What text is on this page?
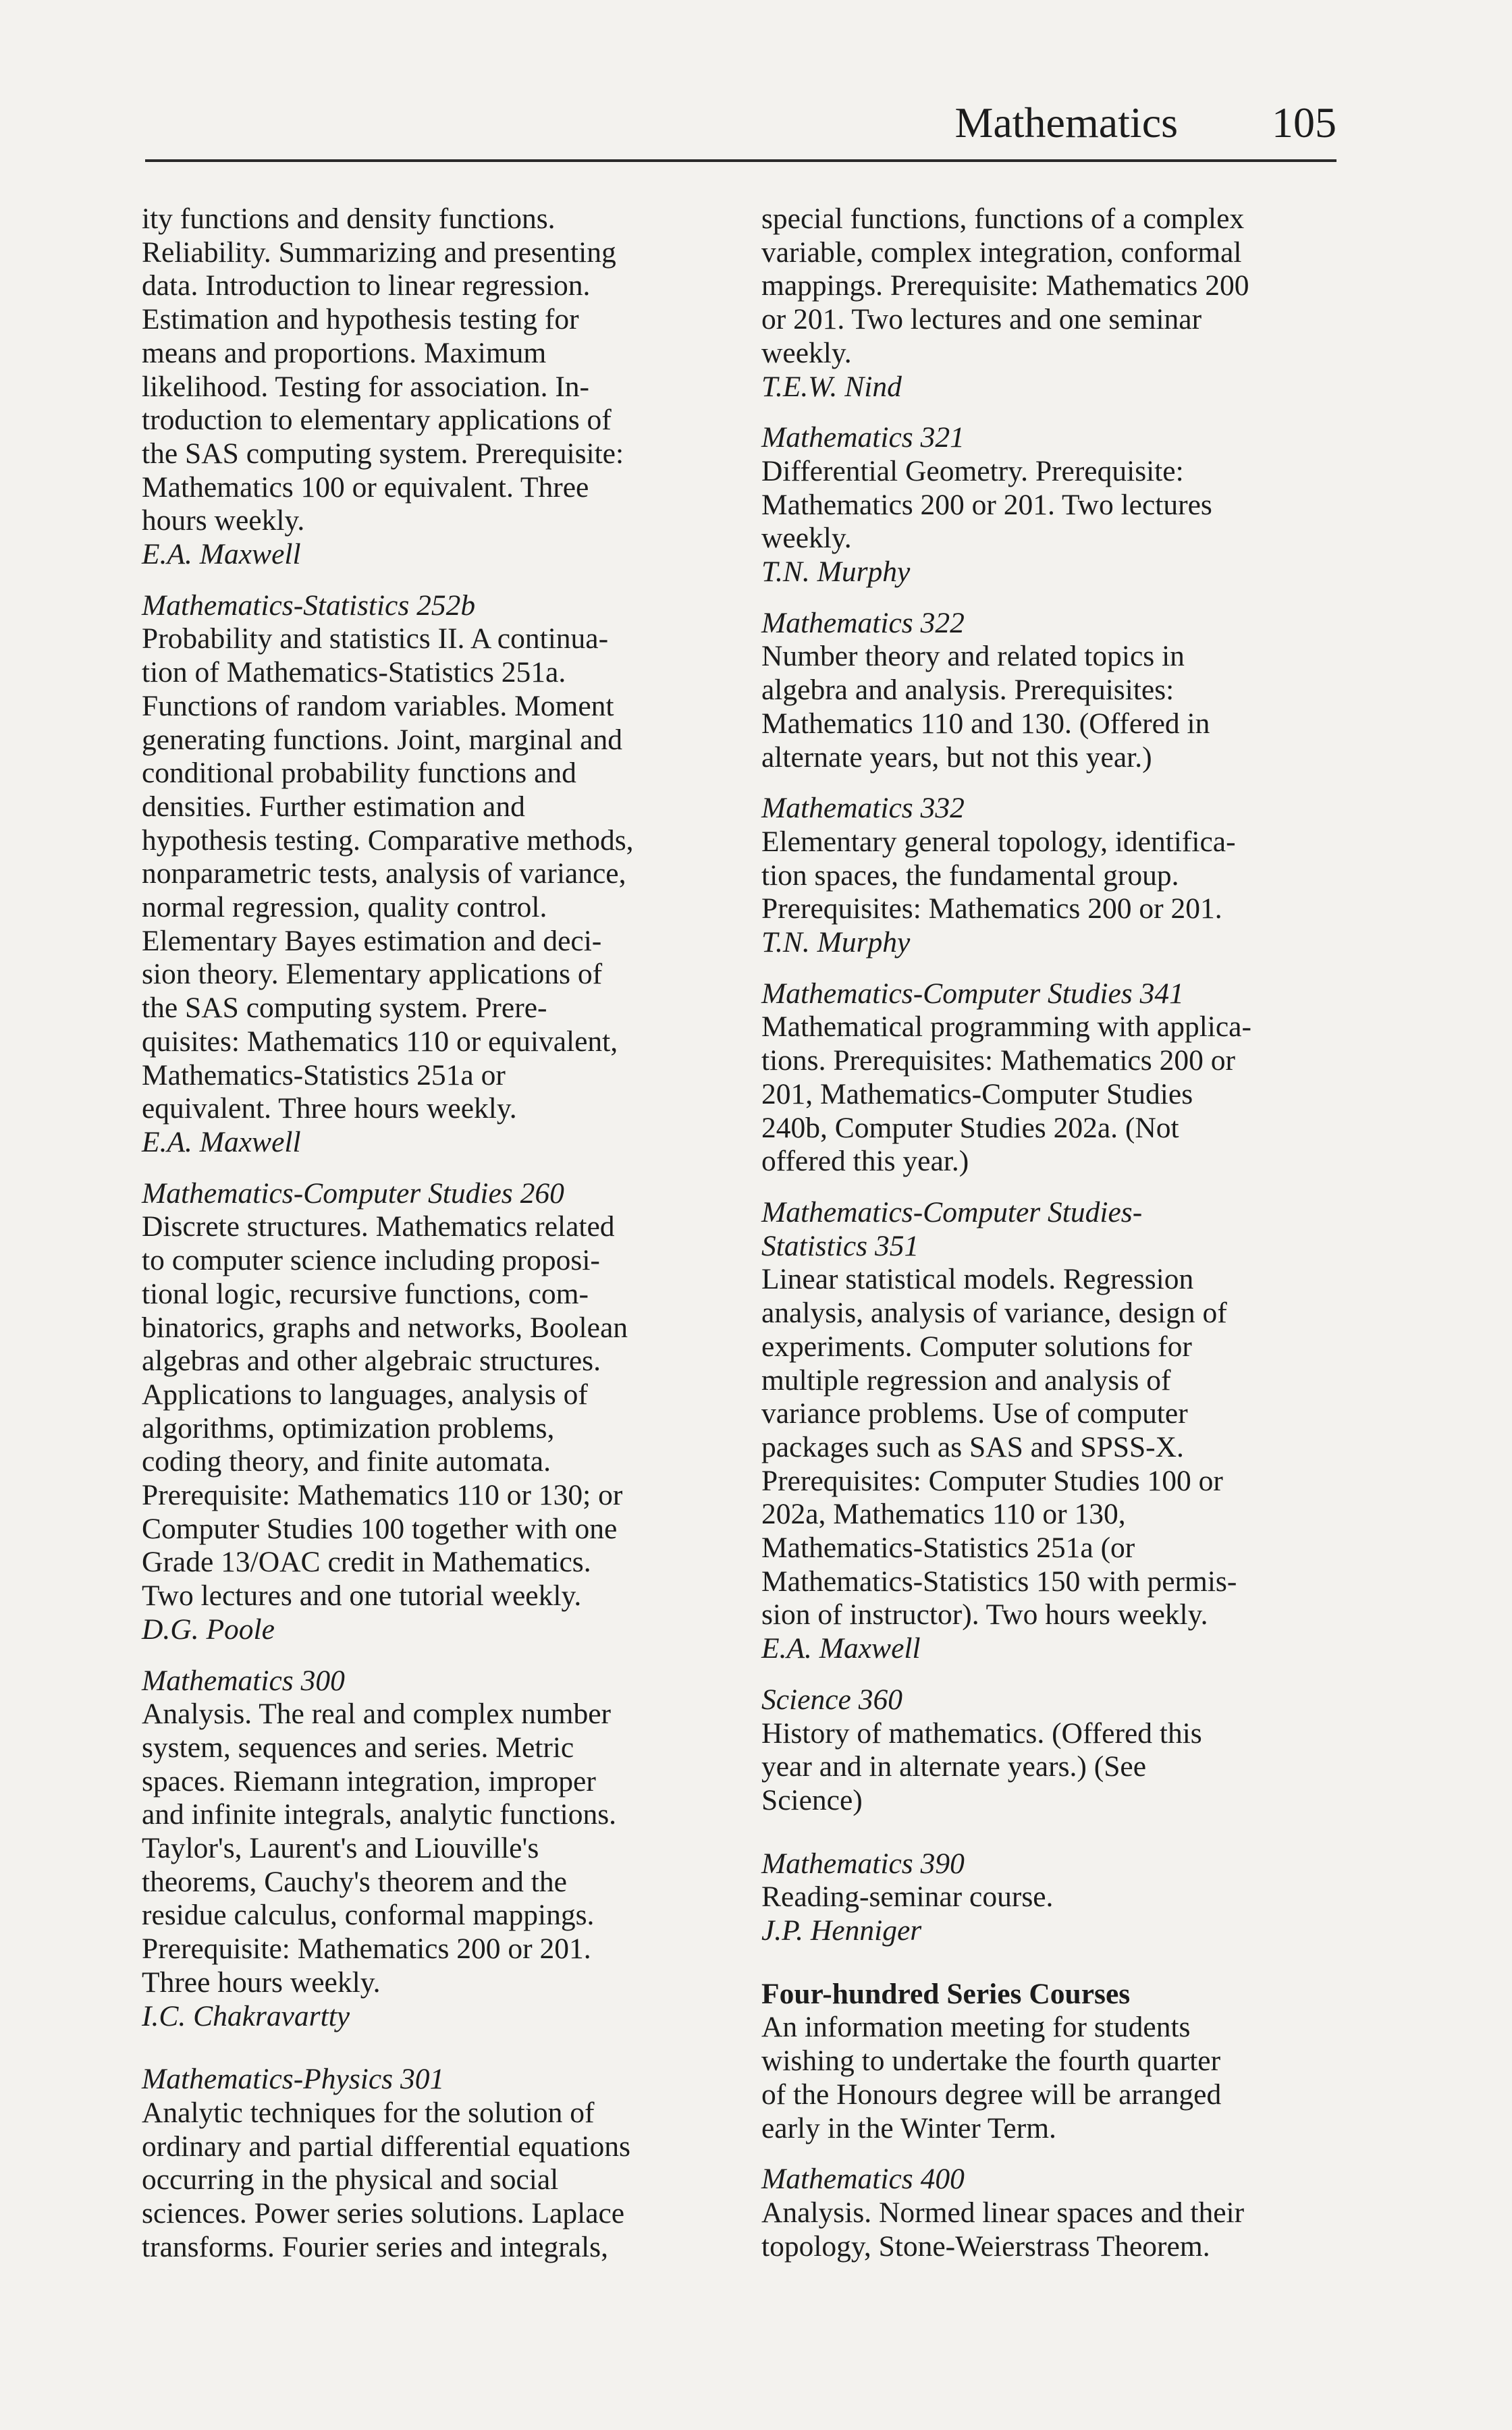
Mathematics 105
ity functions and density functions.
Reliability. Summarizing and presenting
data. Introduction to linear regression.
Estimation and hypothesis testing for
means and proportions. Maximum
likelihood. Testing for association. In-
troduction to elementary applications of
the SAS computing system. Prerequisite:
Mathematics 100 or equivalent. Three
hours weekly.
E.A. Maxwell
Mathematics-Statistics 252b
Probability and statistics II. A continua-
tion of Mathematics-Statistics 251a.
Functions of random variables. Moment
generating functions. Joint, marginal and
conditional probability functions and
densities. Further estimation and
hypothesis testing. Comparative methods,
nonparametric tests, analysis of variance,
normal regression, quality control.
Elementary Bayes estimation and deci-
sion theory. Elementary applications of
the SAS computing system. Prere-
quisites: Mathematics 110 or equivalent,
Mathematics-Statistics 251a or
equivalent. Three hours weekly.
E.A. Maxwell
Mathematics-Computer Studies 260
Discrete structures. Mathematics related
to computer science including proposi-
tional logic, recursive functions, com-
binatorics, graphs and networks, Boolean
algebras and other algebraic structures.
Applications to languages, analysis of
algorithms, optimization problems,
coding theory, and finite automata.
Prerequisite: Mathematics 110 or 130; or
Computer Studies 100 together with one
Grade 13/OAC credit in Mathematics.
Two lectures and one tutorial weekly.
D.G. Poole
Mathematics 300
Analysis. The real and complex number
system, sequences and series. Metric
spaces. Riemann integration, improper
and infinite integrals, analytic functions.
Taylor's, Laurent's and Liouville's
theorems, Cauchy's theorem and the
residue calculus, conformal mappings.
Prerequisite: Mathematics 200 or 201.
Three hours weekly.
I.C. Chakravartty
Mathematics-Physics 301
Analytic techniques for the solution of
ordinary and partial differential equations
occurring in the physical and social
sciences. Power series solutions. Laplace
transforms. Fourier series and integrals,
special functions, functions of a complex
variable, complex integration, conformal
mappings. Prerequisite: Mathematics 200
or 201. Two lectures and one seminar
weekly.
T.E.W. Nind
Mathematics 321
Differential Geometry. Prerequisite:
Mathematics 200 or 201. Two lectures
weekly.
T.N. Murphy
Mathematics 322
Number theory and related topics in
algebra and analysis. Prerequisites:
Mathematics 110 and 130. (Offered in
alternate years, but not this year.)
Mathematics 332
Elementary general topology, identifica-
tion spaces, the fundamental group.
Prerequisites: Mathematics 200 or 201.
T.N. Murphy
Mathematics-Computer Studies 341
Mathematical programming with applica-
tions. Prerequisites: Mathematics 200 or
201, Mathematics-Computer Studies
240b, Computer Studies 202a. (Not
offered this year.)
Mathematics-Computer Studies-
Statistics 351
Linear statistical models. Regression
analysis, analysis of variance, design of
experiments. Computer solutions for
multiple regression and analysis of
variance problems. Use of computer
packages such as SAS and SPSS-X.
Prerequisites: Computer Studies 100 or
202a, Mathematics 110 or 130,
Mathematics-Statistics 251a (or
Mathematics-Statistics 150 with permis-
sion of instructor). Two hours weekly.
E.A. Maxwell
Science 360
History of mathematics. (Offered this
year and in alternate years.) (See
Science)
Mathematics 390
Reading-seminar course.
J.P. Henniger
Four-hundred Series Courses
An information meeting for students
wishing to undertake the fourth quarter
of the Honours degree will be arranged
early in the Winter Term.
Mathematics 400
Analysis. Normed linear spaces and their
topology, Stone-Weierstrass Theorem.
